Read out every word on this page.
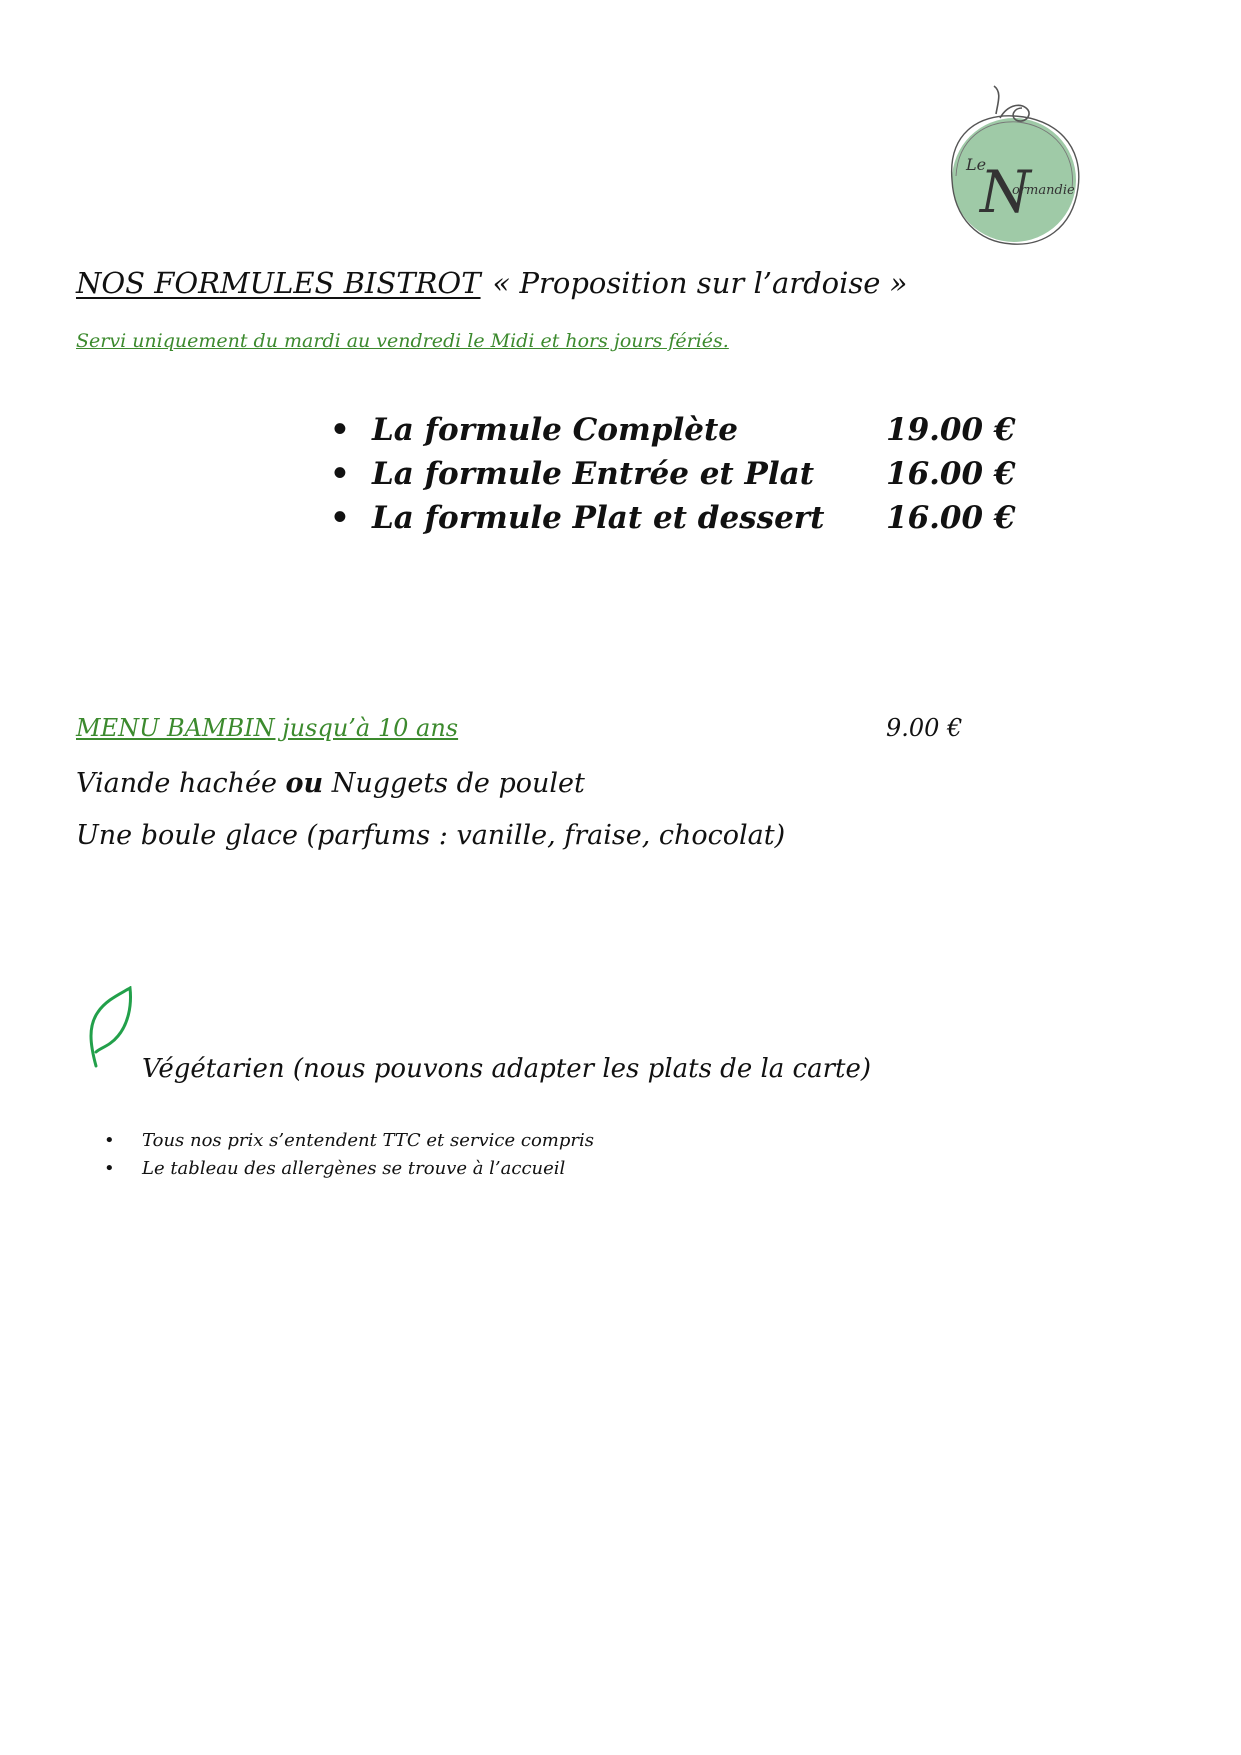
Le
N
ormandie
NOS FORMULES BISTROT « Proposition sur l’ardoise »
Servi uniquement du mardi au vendredi le Midi et hors jours fériés.
• La formule Complète	19.00 €
• La formule Entrée et Plat 16.00 €
• La formule Plat et dessert 16.00 €
MENU BAMBIN jusqu’à 10 ans	9.00 €
Viande hachée ou Nuggets de poulet
Une boule glace (parfums : vanille, fraise, chocolat)
Végétarien (nous pouvons adapter les plats de la carte)
• Tous nos prix s’entendent TTC et service compris
• Le tableau des allergènes se trouve à l’accueil
